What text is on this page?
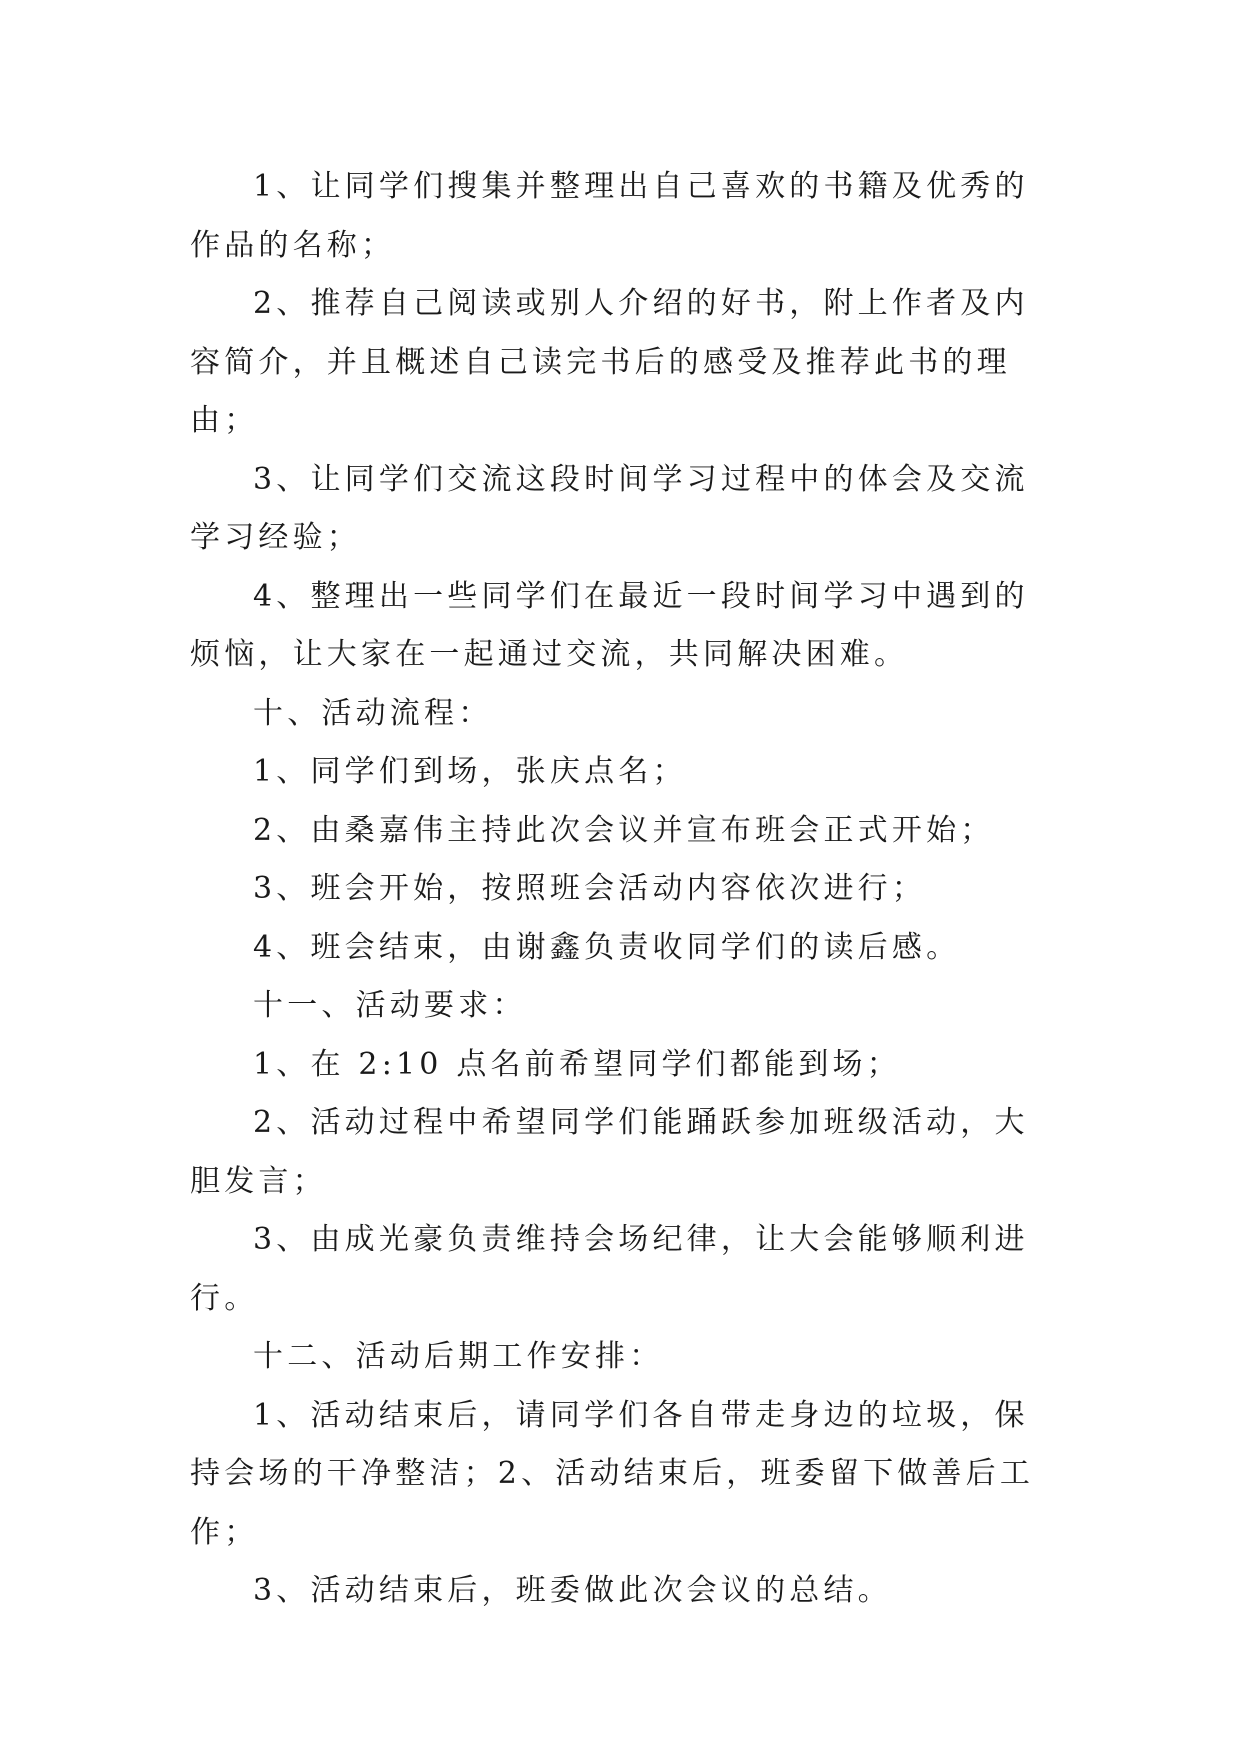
1、让同学们搜集并整理出自己喜欢的书籍及优秀的作品的名称；

2、推荐自己阅读或别人介绍的好书，附上作者及内容简介，并且概述自己读完书后的感受及推荐此书的理由；

3、让同学们交流这段时间学习过程中的体会及交流学习经验；

4、整理出一些同学们在最近一段时间学习中遇到的烦恼，让大家在一起通过交流，共同解决困难。

十、活动流程：

1、同学们到场，张庆点名；

2、由桑嘉伟主持此次会议并宣布班会正式开始；

3、班会开始，按照班会活动内容依次进行；

4、班会结束，由谢鑫负责收同学们的读后感。

十一、活动要求：

1、在 2:10 点名前希望同学们都能到场；

2、活动过程中希望同学们能踊跃参加班级活动，大胆发言；

3、由成光豪负责维持会场纪律，让大会能够顺利进行。

十二、活动后期工作安排：

1、活动结束后，请同学们各自带走身边的垃圾，保持会场的干净整洁；2、活动结束后，班委留下做善后工作；

3、活动结束后，班委做此次会议的总结。
